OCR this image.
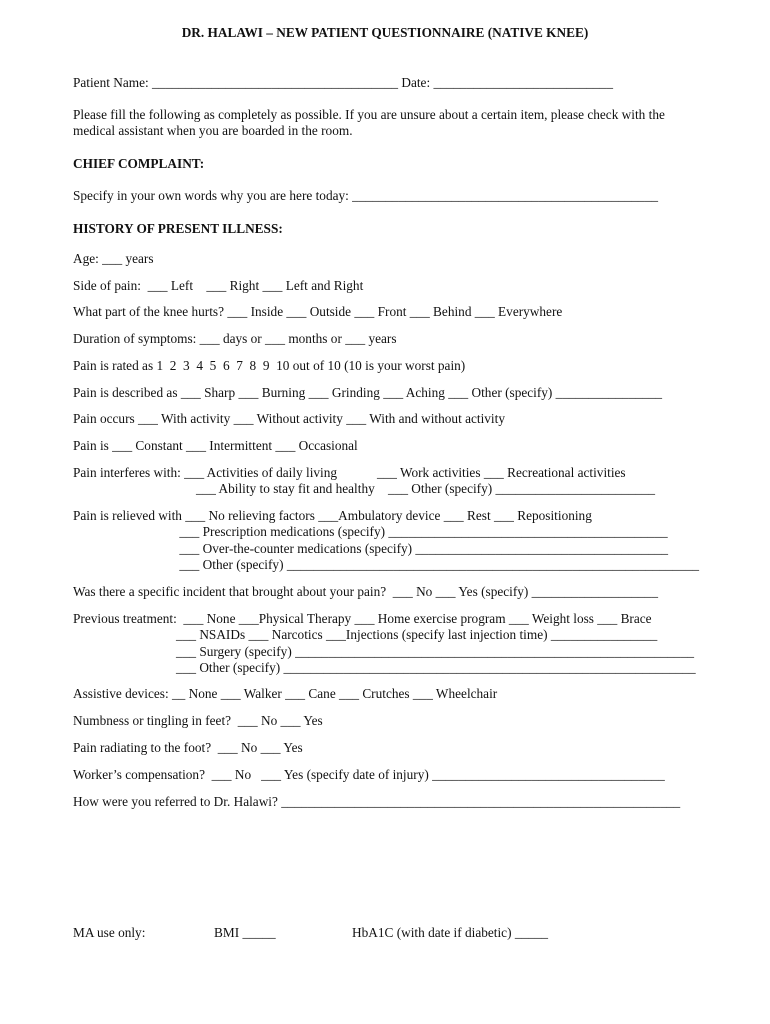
DR. HALAWI – NEW PATIENT QUESTIONNAIRE (NATIVE KNEE)
Patient Name: _____________________________________ Date: ___________________________
Please fill the following as completely as possible. If you are unsure about a certain item, please check with the
medical assistant when you are boarded in the room.
CHIEF COMPLAINT:
Specify in your own words why you are here today: ______________________________________________
HISTORY OF PRESENT ILLNESS:
Age: ___ years
Side of pain:  ___ Left    ___ Right ___ Left and Right
What part of the knee hurts? ___ Inside ___ Outside ___ Front ___ Behind ___ Everywhere
Duration of symptoms: ___ days or ___ months or ___ years
Pain is rated as 1  2  3  4  5  6  7  8  9  10 out of 10 (10 is your worst pain)
Pain is described as ___ Sharp ___ Burning ___ Grinding ___ Aching ___ Other (specify) ________________
Pain occurs ___ With activity ___ Without activity ___ With and without activity
Pain is ___ Constant ___ Intermittent ___ Occasional
Pain interferes with: ___ Activities of daily living            ___ Work activities ___ Recreational activities
___ Ability to stay fit and healthy    ___ Other (specify) ________________________
Pain is relieved with ___ No relieving factors ___Ambulatory device ___ Rest ___ Repositioning
___ Prescription medications (specify) __________________________________________
___ Over-the-counter medications (specify) ______________________________________
___ Other (specify) ______________________________________________________________
Was there a specific incident that brought about your pain?  ___ No ___ Yes (specify) ___________________
Previous treatment:  ___ None ___Physical Therapy ___ Home exercise program ___ Weight loss ___ Brace
___ NSAIDs ___ Narcotics ___Injections (specify last injection time) ________________
___ Surgery (specify) ____________________________________________________________
___ Other (specify) ______________________________________________________________
Assistive devices: __ None ___ Walker ___ Cane ___ Crutches ___ Wheelchair
Numbness or tingling in feet?  ___ No ___ Yes
Pain radiating to the foot?  ___ No ___ Yes
Worker’s compensation?  ___ No   ___ Yes (specify date of injury) ___________________________________
How were you referred to Dr. Halawi? ____________________________________________________________
MA use only:	BMI _____	HbA1C (with date if diabetic) _____
